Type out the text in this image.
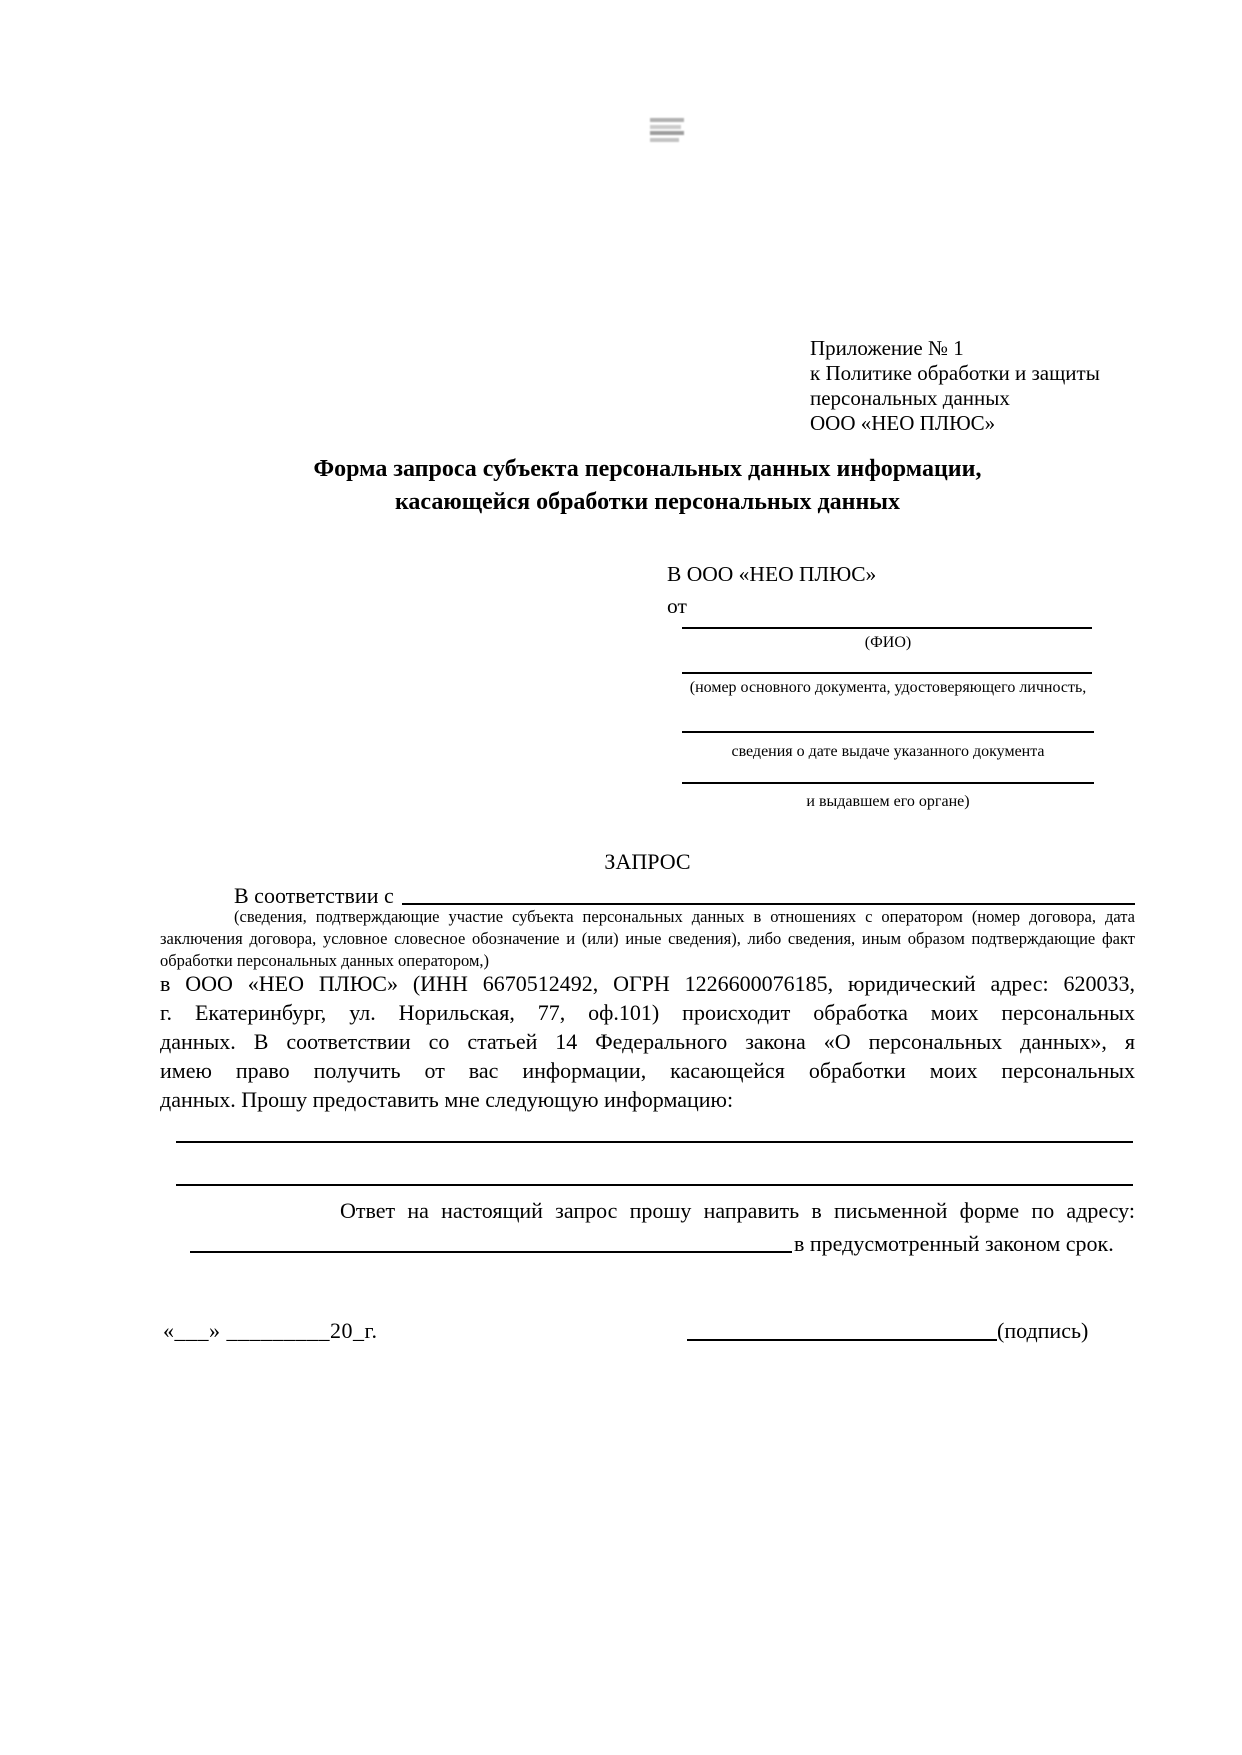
Приложение № 1
к Политике обработки и защиты
персональных данных
ООО «НЕО ПЛЮС»
Форма запроса субъекта персональных данных информации,
касающейся обработки персональных данных
В ООО «НЕО ПЛЮС»
от
(ФИО)
(номер основного документа, удостоверяющего личность,
сведения о дате выдаче указанного документа
и выдавшем его органе)
ЗАПРОС
В соответствии с
(сведения, подтверждающие участие субъекта персональных данных в отношениях с оператором (номер договора, дата
заключения договора, условное словесное обозначение и (или) иные сведения), либо сведения, иным образом подтверждающие факт
обработки персональных данных оператором,)
в ООО «НЕО ПЛЮС» (ИНН 6670512492, ОГРН 1226600076185, юридический адрес: 620033,
г. Екатеринбург, ул. Норильская, 77, оф.101) происходит обработка моих персональных
данных. В соответствии со статьей 14 Федерального закона «О персональных данных», я
имею право получить от вас информации, касающейся обработки моих персональных
данных. Прошу предоставить мне следующую информацию:
Ответ на настоящий запрос прошу направить в письменной форме по адресу:
в предусмотренный законом срок.
«___» _________20_г.	(подпись)
